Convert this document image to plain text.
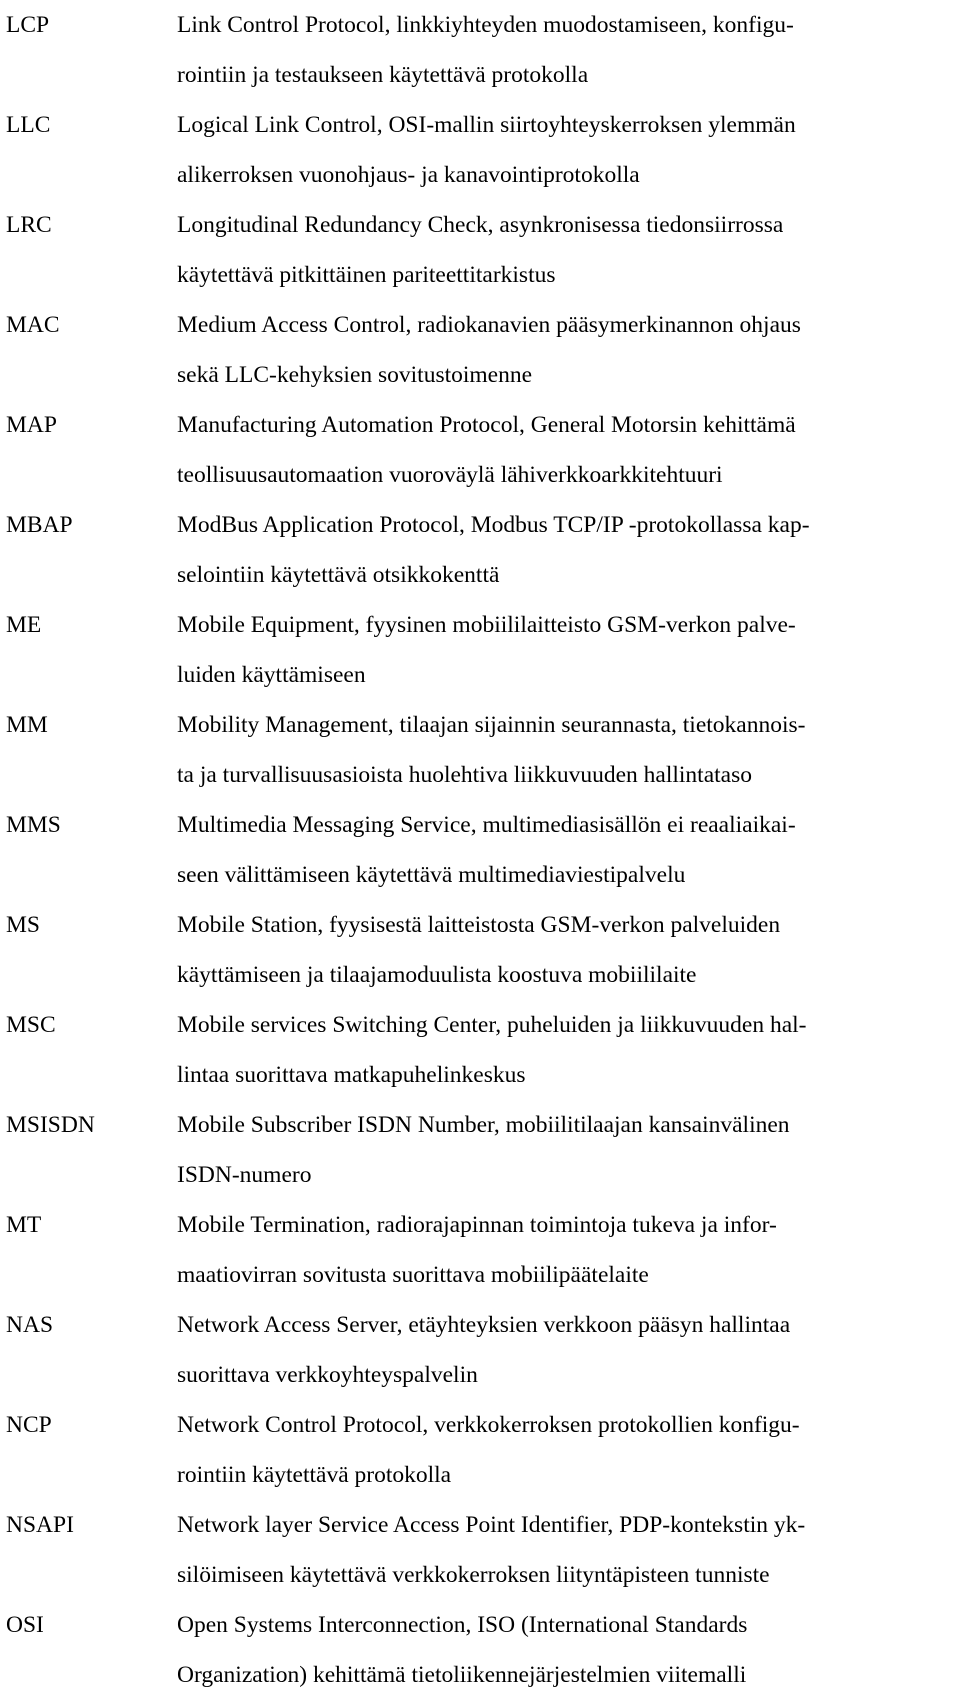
LCP	Link Control Protocol, linkkiyhteyden muodostamiseen, konfigu-
rointiin ja testaukseen käytettävä protokolla
LLC	Logical Link Control, OSI-mallin siirtoyhteyskerroksen ylemmän
alikerroksen vuonohjaus- ja kanavointiprotokolla
LRC	Longitudinal Redundancy Check, asynkronisessa tiedonsiirrossa
käytettävä pitkittäinen pariteettitarkistus
MAC	Medium Access Control, radiokanavien pääsymerkinannon ohjaus
sekä LLC-kehyksien sovitustoimenne
MAP	Manufacturing Automation Protocol, General Motorsin kehittämä
teollisuusautomaation vuoroväylä lähiverkkoarkkitehtuuri
MBAP	ModBus Application Protocol, Modbus TCP/IP -protokollassa kap-
selointiin käytettävä otsikkokenttä
ME	Mobile Equipment, fyysinen mobiililaitteisto GSM-verkon palve-
luiden käyttämiseen
MM	Mobility Management, tilaajan sijainnin seurannasta, tietokannois-
ta ja turvallisuusasioista huolehtiva liikkuvuuden hallintataso
MMS	Multimedia Messaging Service, multimediasisällön ei reaaliaikai-
seen välittämiseen käytettävä multimediaviestipalvelu
MS	Mobile Station, fyysisestä laitteistosta GSM-verkon palveluiden
käyttämiseen ja tilaajamoduulista koostuva mobiililaite
MSC	Mobile services Switching Center, puheluiden ja liikkuvuuden hal-
lintaa suorittava matkapuhelinkeskus
MSISDN	Mobile Subscriber ISDN Number, mobiilitilaajan kansainvälinen
ISDN-numero
MT	Mobile Termination, radiorajapinnan toimintoja tukeva ja infor-
maatiovirran sovitusta suorittava mobiilipäätelaite
NAS	Network Access Server, etäyhteyksien verkkoon pääsyn hallintaa
suorittava verkkoyhteyspalvelin
NCP	Network Control Protocol, verkkokerroksen protokollien konfigu-
rointiin käytettävä protokolla
NSAPI	Network layer Service Access Point Identifier, PDP-kontekstin yk-
silöimiseen käytettävä verkkokerroksen liityntäpisteen tunniste
OSI	Open Systems Interconnection, ISO (International Standards
Organization) kehittämä tietoliikennejärjestelmien viitemalli
